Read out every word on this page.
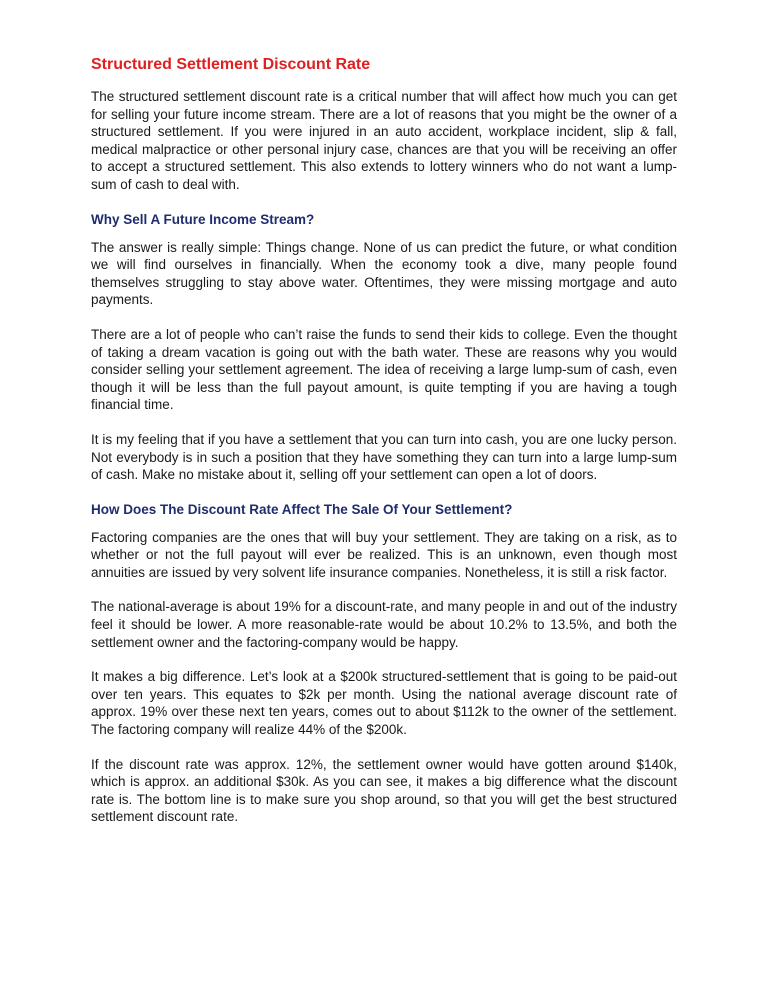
Structured Settlement Discount Rate

The structured settlement discount rate is a critical number that will affect how much you can get for selling your future income stream. There are a lot of reasons that you might be the owner of a structured settlement. If you were injured in an auto accident, workplace incident, slip & fall, medical malpractice or other personal injury case, chances are that you will be receiving an offer to accept a structured settlement. This also extends to lottery winners who do not want a lump-sum of cash to deal with.

Why Sell A Future Income Stream?

The answer is really simple: Things change. None of us can predict the future, or what condition we will find ourselves in financially. When the economy took a dive, many people found themselves struggling to stay above water. Oftentimes, they were missing mortgage and auto payments.

There are a lot of people who can’t raise the funds to send their kids to college. Even the thought of taking a dream vacation is going out with the bath water. These are reasons why you would consider selling your settlement agreement. The idea of receiving a large lump-sum of cash, even though it will be less than the full payout amount, is quite tempting if you are having a tough financial time.

It is my feeling that if you have a settlement that you can turn into cash, you are one lucky person. Not everybody is in such a position that they have something they can turn into a large lump-sum of cash. Make no mistake about it, selling off your settlement can open a lot of doors.

How Does The Discount Rate Affect The Sale Of Your Settlement?

Factoring companies are the ones that will buy your settlement. They are taking on a risk, as to whether or not the full payout will ever be realized. This is an unknown, even though most annuities are issued by very solvent life insurance companies. Nonetheless, it is still a risk factor.

The national-average is about 19% for a discount-rate, and many people in and out of the industry feel it should be lower. A more reasonable-rate would be about 10.2% to 13.5%, and both the settlement owner and the factoring-company would be happy.

It makes a big difference. Let’s look at a $200k structured-settlement that is going to be paid-out over ten years. This equates to $2k per month. Using the national average discount rate of approx. 19% over these next ten years, comes out to about $112k to the owner of the settlement. The factoring company will realize 44% of the $200k.

If the discount rate was approx. 12%, the settlement owner would have gotten around $140k, which is approx. an additional $30k. As you can see, it makes a big difference what the discount rate is. The bottom line is to make sure you shop around, so that you will get the best structured settlement discount rate.
